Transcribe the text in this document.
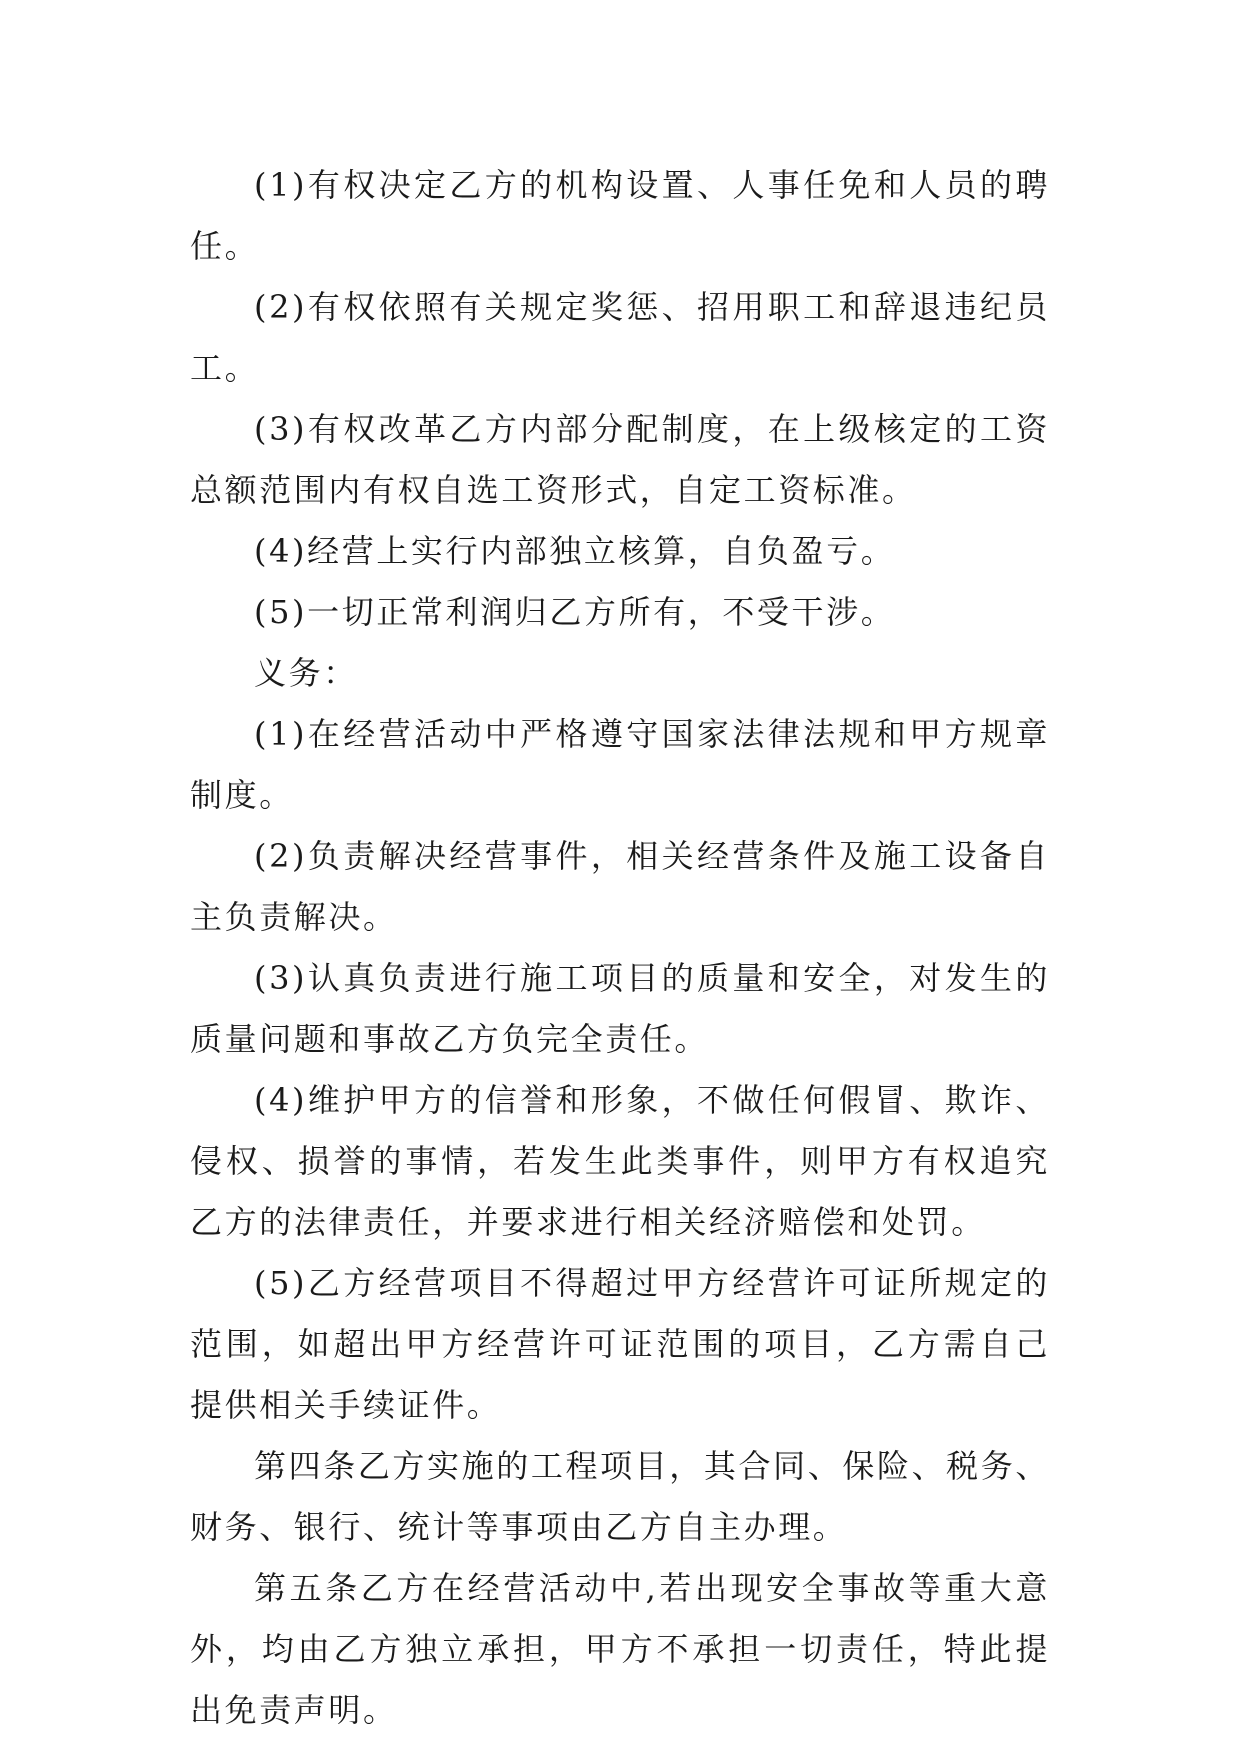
(1)有权决定乙方的机构设置、人事任免和人员的聘任。

(2)有权依照有关规定奖惩、招用职工和辞退违纪员工。

(3)有权改革乙方内部分配制度，在上级核定的工资总额范围内有权自选工资形式，自定工资标准。

(4)经营上实行内部独立核算，自负盈亏。

(5)一切正常利润归乙方所有，不受干涉。

义务：

(1)在经营活动中严格遵守国家法律法规和甲方规章制度。

(2)负责解决经营事件，相关经营条件及施工设备自主负责解决。

(3)认真负责进行施工项目的质量和安全，对发生的质量问题和事故乙方负完全责任。

(4)维护甲方的信誉和形象，不做任何假冒、欺诈、侵权、损誉的事情，若发生此类事件，则甲方有权追究乙方的法律责任，并要求进行相关经济赔偿和处罚。

(5)乙方经营项目不得超过甲方经营许可证所规定的范围，如超出甲方经营许可证范围的项目，乙方需自己提供相关手续证件。

第四条乙方实施的工程项目，其合同、保险、税务、财务、银行、统计等事项由乙方自主办理。

第五条乙方在经营活动中,若出现安全事故等重大意外，均由乙方独立承担，甲方不承担一切责任，特此提出免责声明。
